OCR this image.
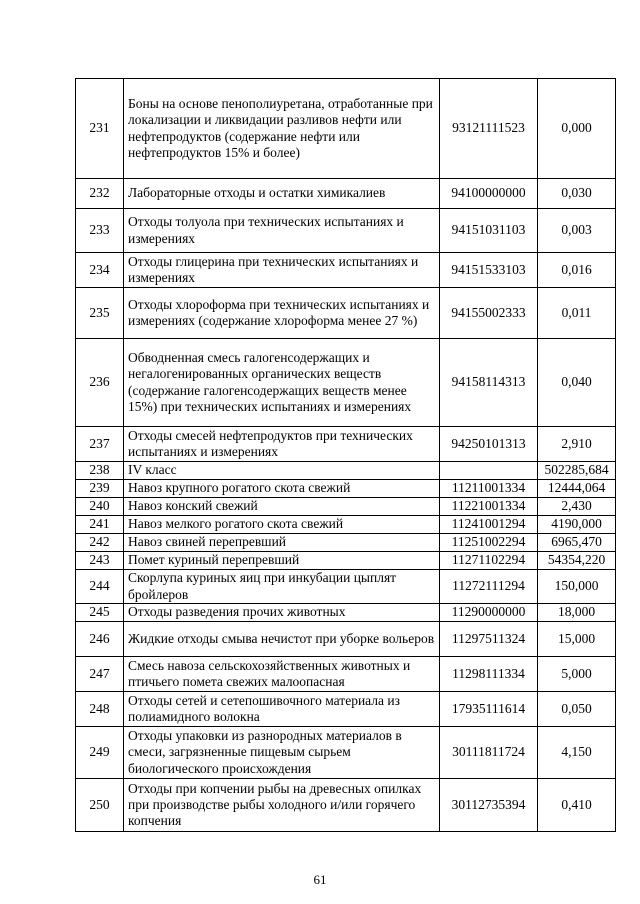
231	Боны на основе пенополиуретана, отработанные при локализации и ликвидации разливов нефти или нефтепродуктов (содержание нефти или нефтепродуктов 15% и более)	93121111523	0,000
232	Лабораторные отходы и остатки химикалиев	94100000000	0,030
233	Отходы толуола при технических испытаниях и измерениях	94151031103	0,003
234	Отходы глицерина при технических испытаниях и измерениях	94151533103	0,016
235	Отходы хлороформа при технических испытаниях и измерениях (содержание хлороформа менее 27 %)	94155002333	0,011
236	Обводненная смесь галогенсодержащих и негалогенированных органических веществ (содержание галогенсодержащих веществ менее 15%) при технических испытаниях и измерениях	94158114313	0,040
237	Отходы смесей нефтепродуктов при технических испытаниях и измерениях	94250101313	2,910
238	IV класс		502285,684
239	Навоз крупного рогатого скота свежий	11211001334	12444,064
240	Навоз конский свежий	11221001334	2,430
241	Навоз мелкого рогатого скота свежий	11241001294	4190,000
242	Навоз свиней перепревший	11251002294	6965,470
243	Помет куриный перепревший	11271102294	54354,220
244	Скорлупа куриных яиц при инкубации цыплят бройлеров	11272111294	150,000
245	Отходы разведения прочих животных	11290000000	18,000
246	Жидкие отходы смыва нечистот при уборке вольеров	11297511324	15,000
247	Смесь навоза сельскохозяйственных животных и птичьего помета свежих малоопасная	11298111334	5,000
248	Отходы сетей и сетепошивочного материала из полиамидного волокна	17935111614	0,050
249	Отходы упаковки из разнородных материалов в смеси, загрязненные пищевым сырьем биологического происхождения	30111811724	4,150
250	Отходы при копчении рыбы на древесных опилках при производстве рыбы холодного и/или горячего копчения	30112735394	0,410
61
